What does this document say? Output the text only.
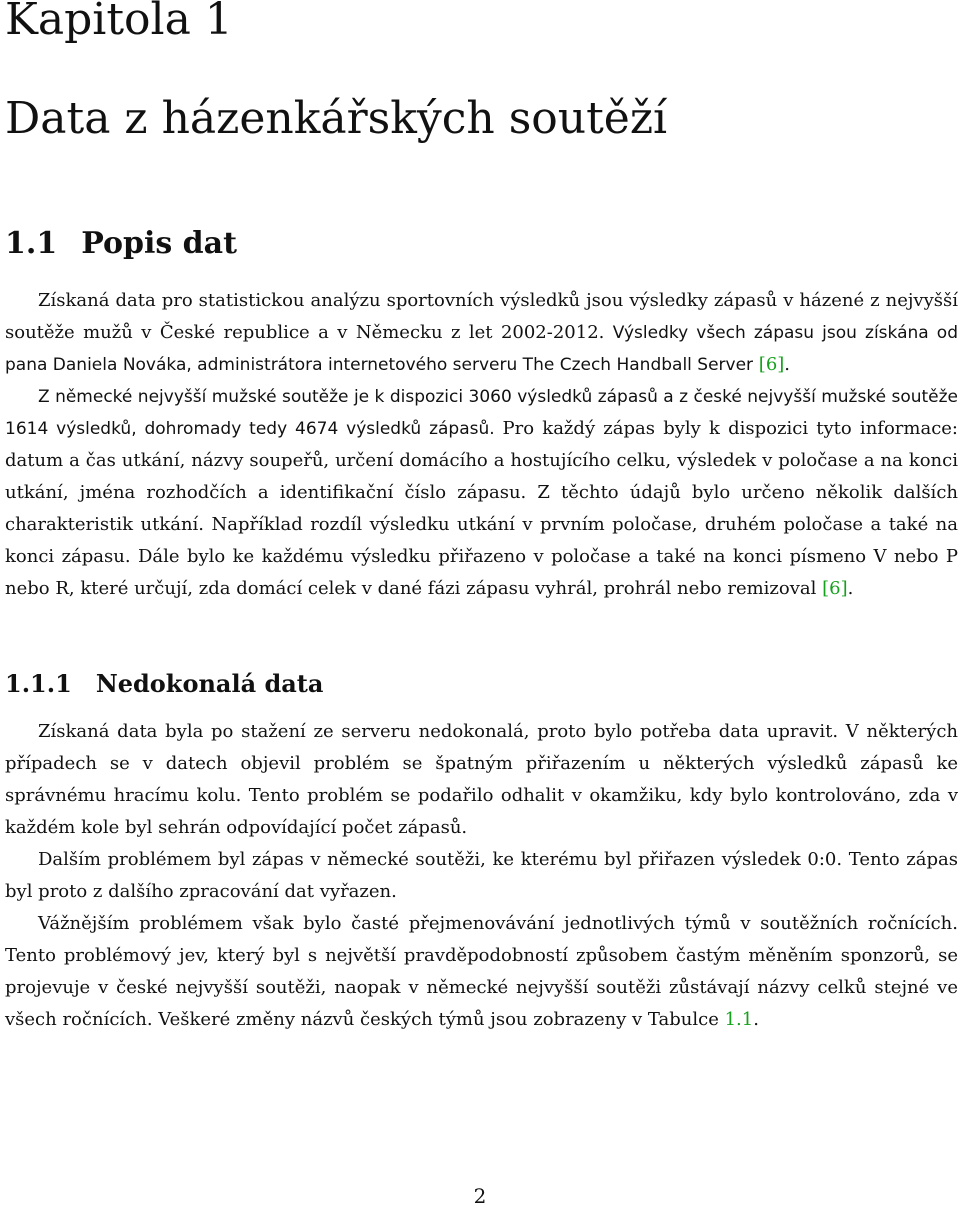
Kapitola 1
Data z házenkářských soutěží
1.1 Popis dat

Získaná data pro statistickou analýzu sportovních výsledků jsou výsledky zápasů v házené z nejvyšší soutěže mužů v České republice a v Německu z let 2002-2012. Výsledky všech zápasu jsou získána od pana Daniela Nováka, administrátora internetového serveru The Czech Handball Server [6].

Z německé nejvyšší mužské soutěže je k dispozici 3060 výsledků zápasů a z české nejvyšší mužské soutěže 1614 výsledků, dohromady tedy 4674 výsledků zápasů. Pro každý zápas byly k dispozici tyto informace: datum a čas utkání, názvy soupeřů, určení domácího a hostujícího celku, výsledek v poločase a na konci utkání, jména rozhodčích a identifikační číslo zápasu. Z těchto údajů bylo určeno několik dalších charakteristik utkání. Například rozdíl výsledku utkání v prvním poločase, druhém poločase a také na konci zápasu. Dále bylo ke každému výsledku přiřazeno v poločase a také na konci písmeno V nebo P nebo R, které určují, zda domácí celek v dané fázi zápasu vyhrál, prohrál nebo remizoval [6].

1.1.1 Nedokonalá data

Získaná data byla po stažení ze serveru nedokonalá, proto bylo potřeba data upravit. V některých případech se v datech objevil problém se špatným přiřazením u některých výsledků zápasů ke správnému hracímu kolu. Tento problém se podařilo odhalit v okamžiku, kdy bylo kontrolováno, zda v každém kole byl sehrán odpovídající počet zápasů.

Dalším problémem byl zápas v německé soutěži, ke kterému byl přiřazen výsledek 0:0. Tento zápas byl proto z dalšího zpracování dat vyřazen.

Vážnějším problémem však bylo časté přejmenovávání jednotlivých týmů v soutěžních ročnících. Tento problémový jev, který byl s největší pravděpodobností způsobem častým měněním sponzorů, se projevuje v české nejvyšší soutěži, naopak v německé nejvyšší soutěži zůstávají názvy celků stejné ve všech ročnících. Veškeré změny názvů českých týmů jsou zobrazeny v Tabulce 1.1.

2
